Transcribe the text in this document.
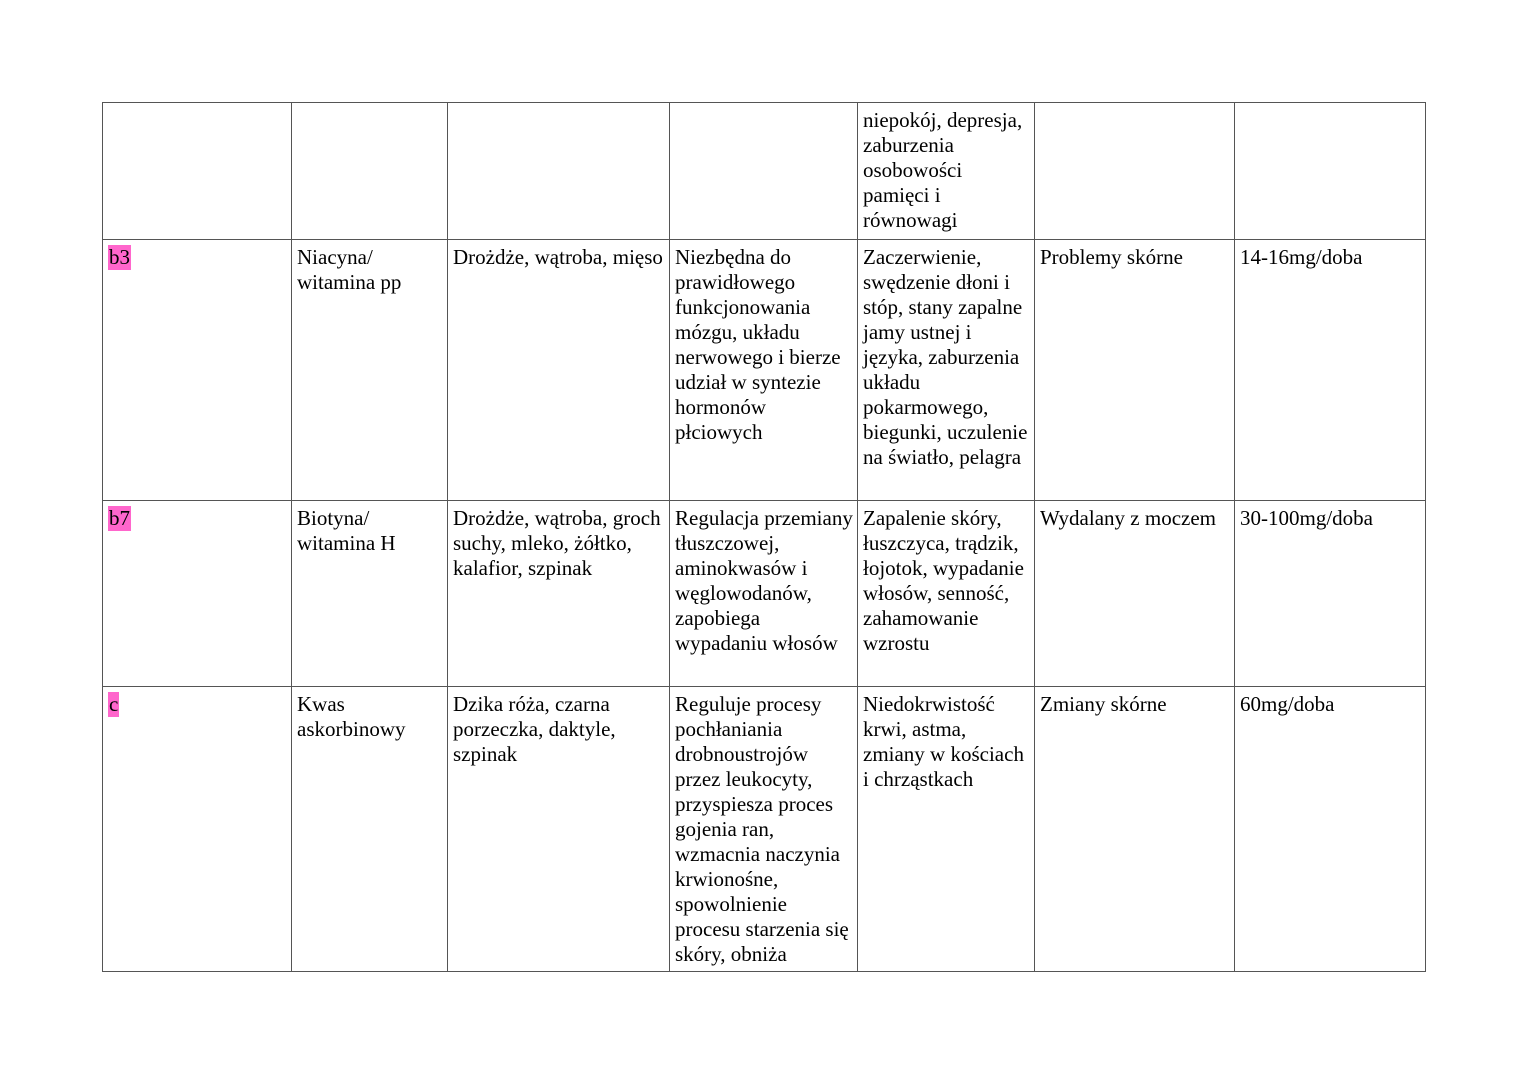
				niepokój, depresja, zaburzenia osobowości pamięci i równowagi		
b3	Niacyna/ witamina pp	Drożdże, wątroba, mięso	Niezbędna do prawidłowego funkcjonowania mózgu, układu nerwowego i bierze udział w syntezie hormonów płciowych	Zaczerwienie, swędzenie dłoni i stóp, stany zapalne jamy ustnej i języka, zaburzenia układu pokarmowego, biegunki, uczulenie na światło, pelagra	Problemy skórne	14-16mg/doba
b7	Biotyna/ witamina H	Drożdże, wątroba, groch suchy, mleko, żółtko, kalafior, szpinak	Regulacja przemiany tłuszczowej, aminokwasów i węglowodanów, zapobiega wypadaniu włosów	Zapalenie skóry, łuszczyca, trądzik, łojotok, wypadanie włosów, senność, zahamowanie wzrostu	Wydalany z moczem	30-100mg/doba
c	Kwas askorbinowy	Dzika róża, czarna porzeczka, daktyle, szpinak	Reguluje procesy pochłaniania drobnoustrojów przez leukocyty, przyspiesza proces gojenia ran, wzmacnia naczynia krwionośne, spowolnienie procesu starzenia się skóry, obniża	Niedokrwistość krwi, astma, zmiany w kościach i chrząstkach	Zmiany skórne	60mg/doba
